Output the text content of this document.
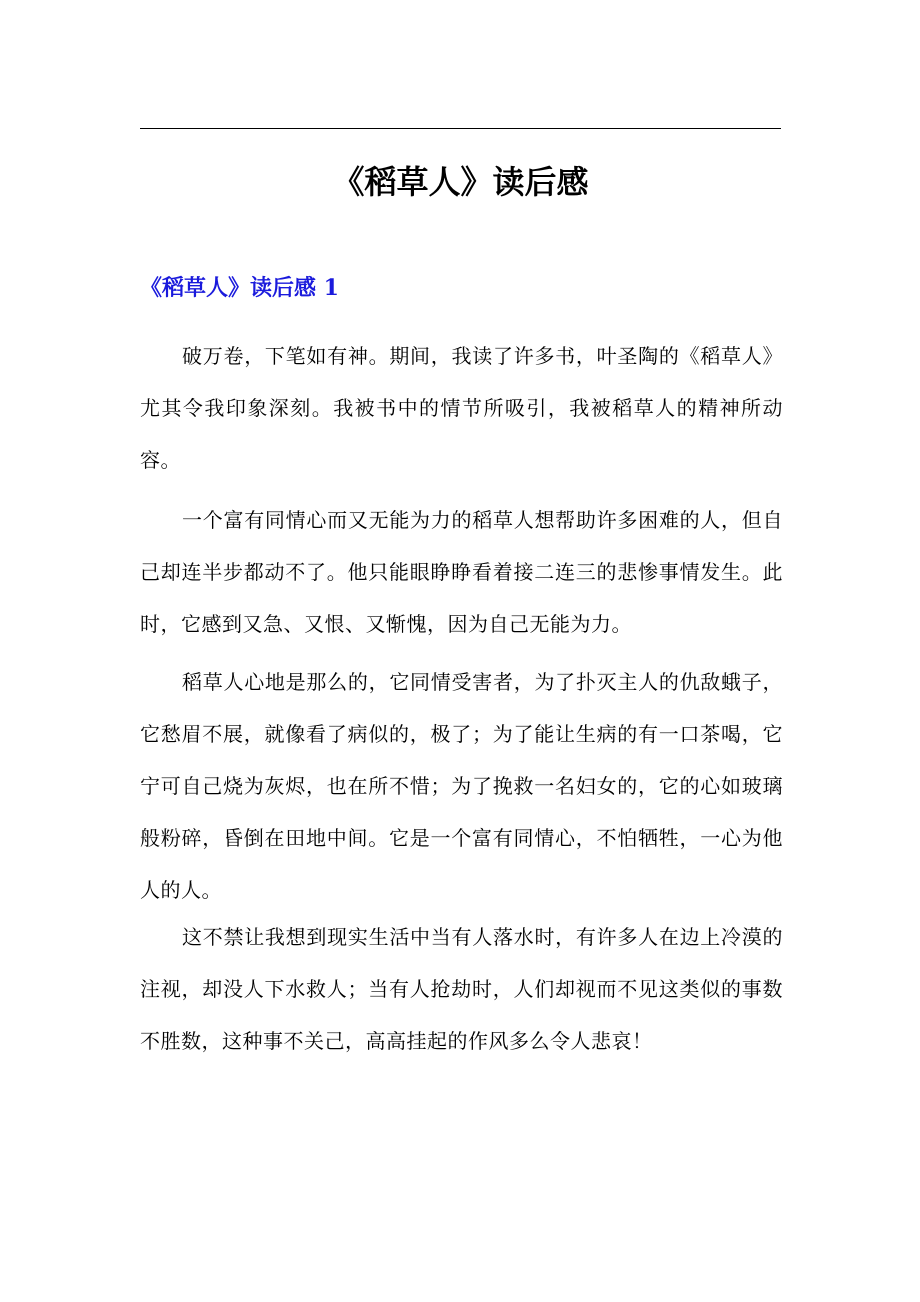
《稻草人》读后感
《稻草人》读后感 1

破万卷，下笔如有神。期间，我读了许多书，叶圣陶的《稻草人》尤其令我印象深刻。我被书中的情节所吸引，我被稻草人的精神所动容。

一个富有同情心而又无能为力的稻草人想帮助许多困难的人，但自己却连半步都动不了。他只能眼睁睁看着接二连三的悲惨事情发生。此时，它感到又急、又恨、又惭愧，因为自己无能为力。

稻草人心地是那么的，它同情受害者，为了扑灭主人的仇敌蛾子，它愁眉不展，就像看了病似的，极了；为了能让生病的有一口茶喝，它宁可自己烧为灰烬，也在所不惜；为了挽救一名妇女的，它的心如玻璃般粉碎，昏倒在田地中间。它是一个富有同情心，不怕牺牲，一心为他人的人。

这不禁让我想到现实生活中当有人落水时，有许多人在边上冷漠的注视，却没人下水救人；当有人抢劫时，人们却视而不见这类似的事数不胜数，这种事不关己，高高挂起的作风多么令人悲哀！
